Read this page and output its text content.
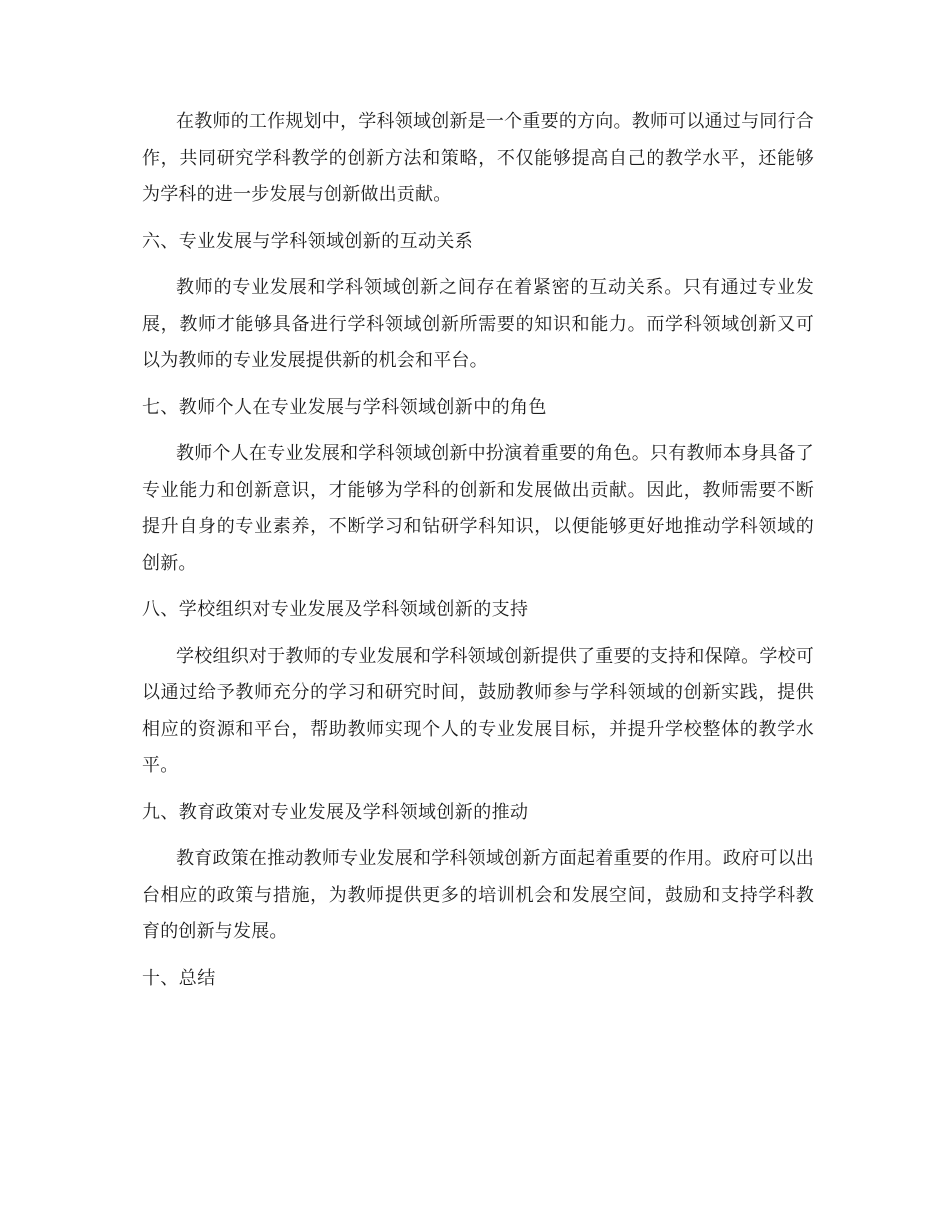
在教师的工作规划中，学科领域创新是一个重要的方向。教师可以通过与同行合作，共同研究学科教学的创新方法和策略，不仅能够提高自己的教学水平，还能够为学科的进一步发展与创新做出贡献。

六、专业发展与学科领域创新的互动关系

教师的专业发展和学科领域创新之间存在着紧密的互动关系。只有通过专业发展，教师才能够具备进行学科领域创新所需要的知识和能力。而学科领域创新又可以为教师的专业发展提供新的机会和平台。

七、教师个人在专业发展与学科领域创新中的角色

教师个人在专业发展和学科领域创新中扮演着重要的角色。只有教师本身具备了专业能力和创新意识，才能够为学科的创新和发展做出贡献。因此，教师需要不断提升自身的专业素养，不断学习和钻研学科知识，以便能够更好地推动学科领域的创新。

八、学校组织对专业发展及学科领域创新的支持

学校组织对于教师的专业发展和学科领域创新提供了重要的支持和保障。学校可以通过给予教师充分的学习和研究时间，鼓励教师参与学科领域的创新实践，提供相应的资源和平台，帮助教师实现个人的专业发展目标，并提升学校整体的教学水平。

九、教育政策对专业发展及学科领域创新的推动

教育政策在推动教师专业发展和学科领域创新方面起着重要的作用。政府可以出台相应的政策与措施，为教师提供更多的培训机会和发展空间，鼓励和支持学科教育的创新与发展。

十、总结
